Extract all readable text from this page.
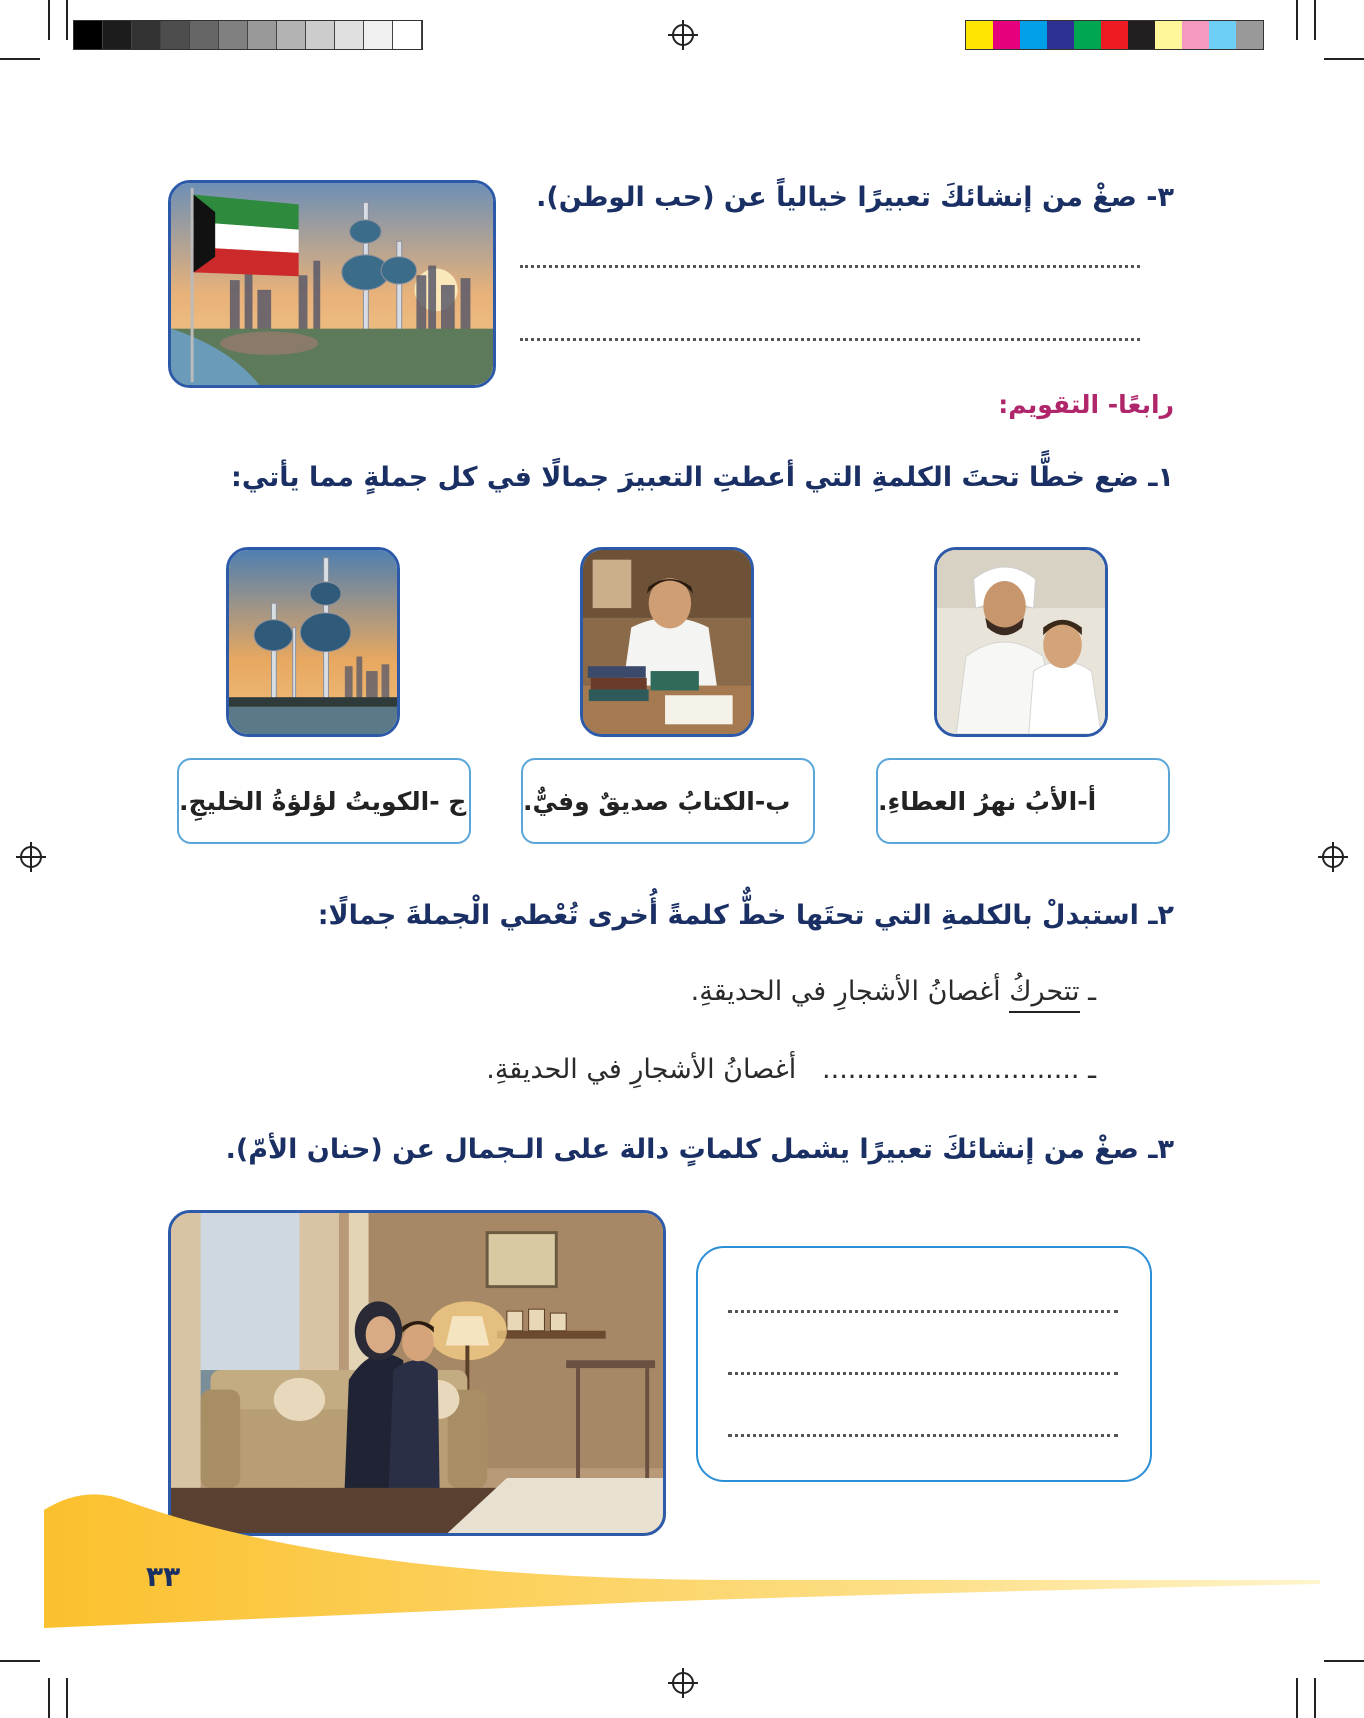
٣- صغْ من إنشائكَ تعبيرًا خيالياً عن (حب الوطن).
رابعًا- التقويم:
١ـ ضع خطًّا تحتَ الكلمةِ التي أعطتِ التعبيرَ جمالًا في كل جملةٍ مما يأتي:
أ-الأبُ نهرُ العطاءِ.
ب-الكتابُ صديقٌ وفيٌّ.
ج -الكويتُ لؤلؤةُ الخليجِ.
٢ـ استبدلْ بالكلمةِ التي تحتَها خطٌّ كلمةً أُخرى تُعْطي الْجملةَ جمالًا:
ـ تتحركُ أغصانُ الأشجارِ في الحديقةِ.
ـ ..............................   أغصانُ الأشجارِ في الحديقةِ.
٣ـ صغْ من إنشائكَ تعبيرًا يشمل كلماتٍ دالة على الـجمال عن (حنان الأمّ).
٣٣
